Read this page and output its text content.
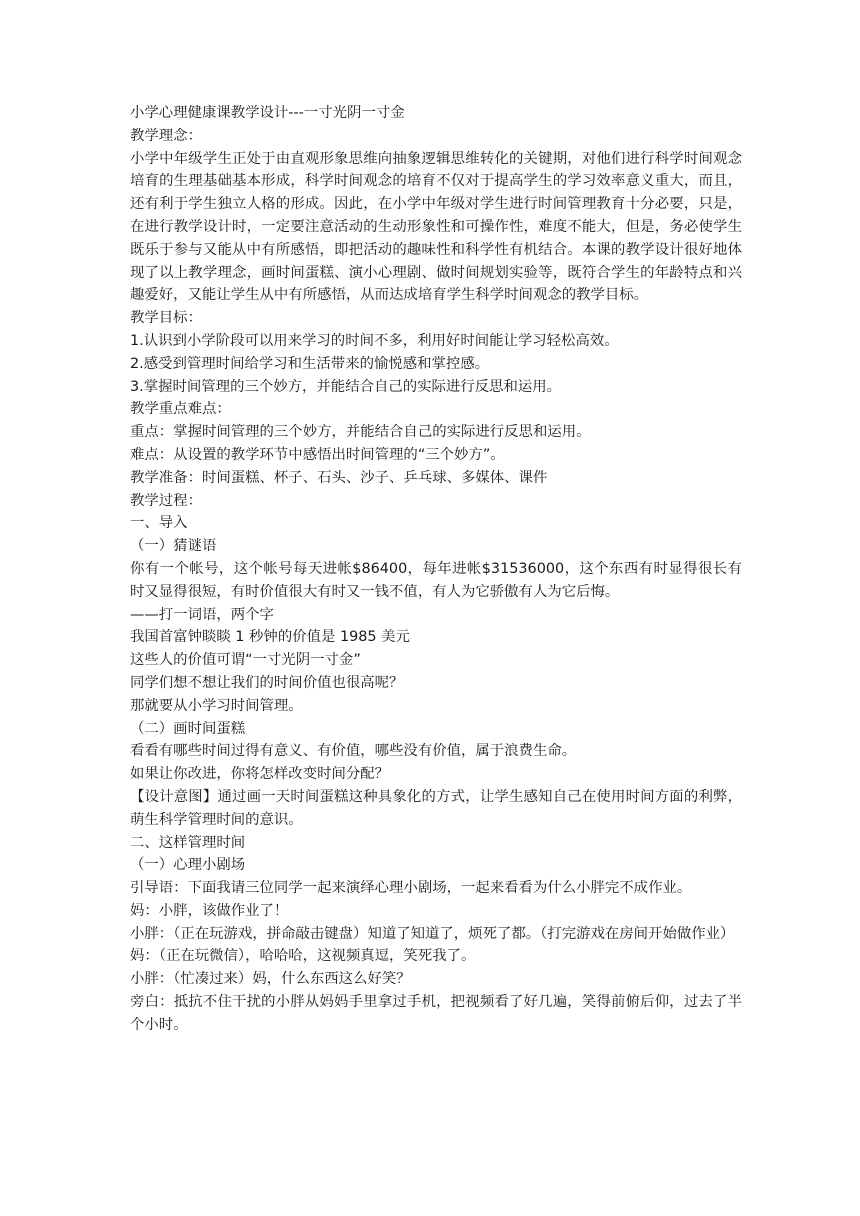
小学心理健康课教学设计---一寸光阴一寸金

教学理念：

小学中年级学生正处于由直观形象思维向抽象逻辑思维转化的关键期，对他们进行科学时间观念培育的生理基础基本形成，科学时间观念的培育不仅对于提高学生的学习效率意义重大，而且，还有利于学生独立人格的形成。因此，在小学中年级对学生进行时间管理教育十分必要，只是，在进行教学设计时，一定要注意活动的生动形象性和可操作性，难度不能大，但是，务必使学生既乐于参与又能从中有所感悟，即把活动的趣味性和科学性有机结合。本课的教学设计很好地体现了以上教学理念，画时间蛋糕、演小心理剧、做时间规划实验等，既符合学生的年龄特点和兴趣爱好，又能让学生从中有所感悟，从而达成培育学生科学时间观念的教学目标。

教学目标：

1.认识到小学阶段可以用来学习的时间不多，利用好时间能让学习轻松高效。

2.感受到管理时间给学习和生活带来的愉悦感和掌控感。

3.掌握时间管理的三个妙方，并能结合自己的实际进行反思和运用。

教学重点难点：

重点：掌握时间管理的三个妙方，并能结合自己的实际进行反思和运用。

难点：从设置的教学环节中感悟出时间管理的“三个妙方”。

教学准备：时间蛋糕、杯子、石头、沙子、乒乓球、多媒体、课件

教学过程：

一、导入

（一）猜谜语

你有一个帐号，这个帐号每天进帐$86400，每年进帐$31536000，这个东西有时显得很长有时又显得很短，有时价值很大有时又一钱不值，有人为它骄傲有人为它后悔。

——打一词语，两个字

我国首富钟睒睒 1 秒钟的价值是 1985 美元

这些人的价值可谓“一寸光阴一寸金”

同学们想不想让我们的时间价值也很高呢？

那就要从小学习时间管理。

（二）画时间蛋糕

看看有哪些时间过得有意义、有价值，哪些没有价值，属于浪费生命。

如果让你改进，你将怎样改变时间分配？

【设计意图】通过画一天时间蛋糕这种具象化的方式，让学生感知自己在使用时间方面的利弊，萌生科学管理时间的意识。

二、这样管理时间

（一）心理小剧场

引导语：下面我请三位同学一起来演绎心理小剧场，一起来看看为什么小胖完不成作业。

妈：小胖，该做作业了！

小胖：（正在玩游戏，拼命敲击键盘）知道了知道了，烦死了都。（打完游戏在房间开始做作业）

妈：（正在玩微信），哈哈哈，这视频真逗，笑死我了。

小胖：（忙凑过来）妈，什么东西这么好笑？

旁白：抵抗不住干扰的小胖从妈妈手里拿过手机，把视频看了好几遍，笑得前俯后仰，过去了半个小时。
